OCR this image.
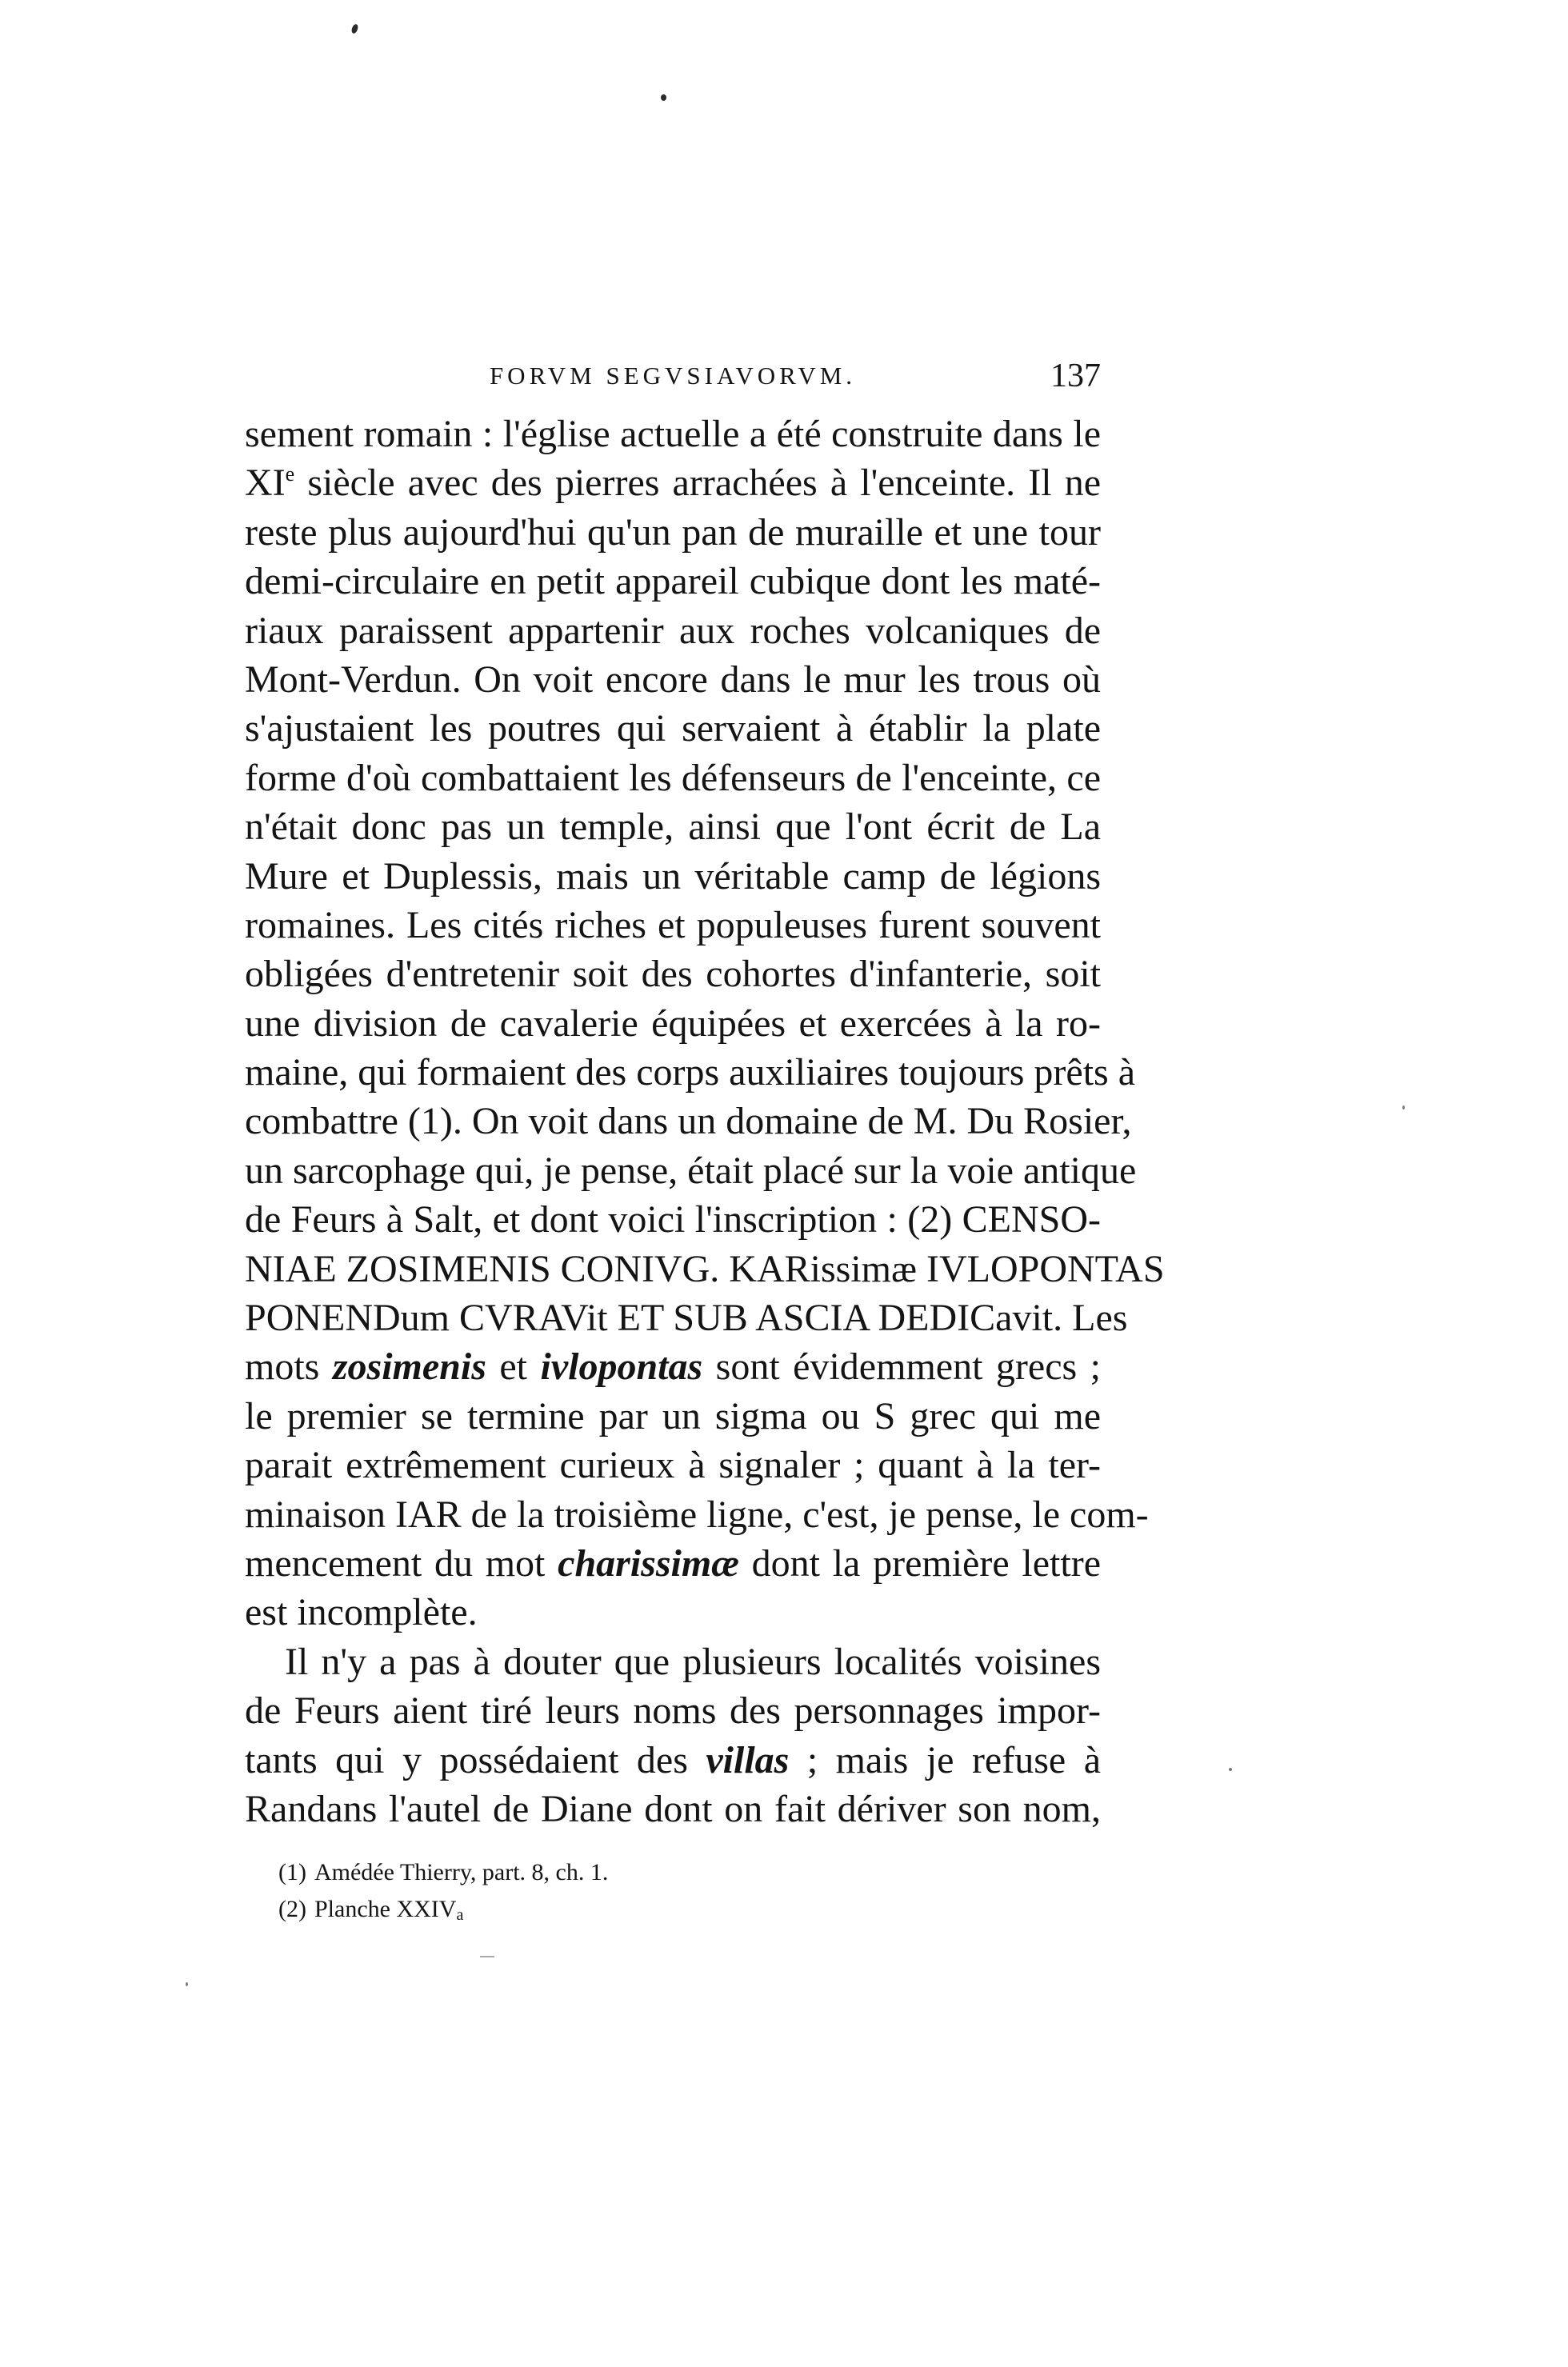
FORVM SEGVSIAVORVM.	137
sement romain : l'église actuelle a été construite dans le
XIe siècle avec des pierres arrachées à l'enceinte. Il ne
reste plus aujourd'hui qu'un pan de muraille et une tour
demi-circulaire en petit appareil cubique dont les maté-
riaux paraissent appartenir aux roches volcaniques de
Mont-Verdun. On voit encore dans le mur les trous où
s'ajustaient les poutres qui servaient à établir la plate
forme d'où combattaient les défenseurs de l'enceinte, ce
n'était donc pas un temple, ainsi que l'ont écrit de La
Mure et Duplessis, mais un véritable camp de légions
romaines. Les cités riches et populeuses furent souvent
obligées d'entretenir soit des cohortes d'infanterie, soit
une division de cavalerie équipées et exercées à la ro-
maine, qui formaient des corps auxiliaires toujours prêts à
combattre (1). On voit dans un domaine de M. Du Rosier,
un sarcophage qui, je pense, était placé sur la voie antique
de Feurs à Salt, et dont voici l'inscription : (2) CENSO-
NIAE ZOSIMENIS CONIVG. KARissimæ IVLOPONTAS
PONENDum CVRAVit ET SUB ASCIA DEDICavit. Les
mots zosimenis et ivlopontas sont évidemment grecs ;
le premier se termine par un sigma ou S grec qui me
parait extrêmement curieux à signaler ; quant à la ter-
minaison IAR de la troisième ligne, c'est, je pense, le com-
mencement du mot charissimæ dont la première lettre
est incomplète.
Il n'y a pas à douter que plusieurs localités voisines
de Feurs aient tiré leurs noms des personnages impor-
tants qui y possédaient des villas ; mais je refuse à
Randans l'autel de Diane dont on fait dériver son nom,
(1) Amédée Thierry, part. 8, ch. 1.
(2) Planche $XXIV_a$
